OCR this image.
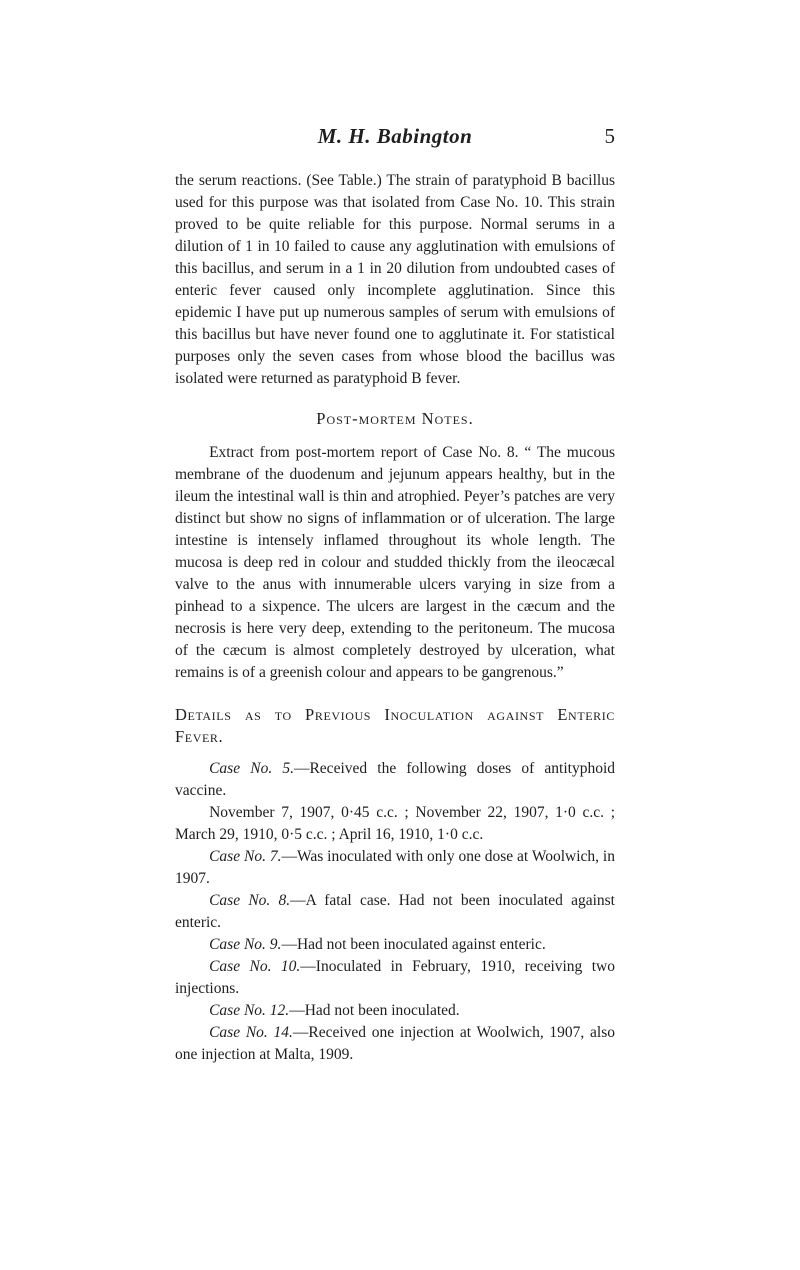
M. H. Babington	5

the serum reactions. (See Table.) The strain of paratyphoid B bacillus used for this purpose was that isolated from Case No. 10. This strain proved to be quite reliable for this purpose. Normal serums in a dilution of 1 in 10 failed to cause any agglutination with emulsions of this bacillus, and serum in a 1 in 20 dilution from undoubted cases of enteric fever caused only incomplete agglutination. Since this epidemic I have put up numerous samples of serum with emulsions of this bacillus but have never found one to agglutinate it. For statistical purposes only the seven cases from whose blood the bacillus was isolated were returned as paratyphoid B fever.

Post-mortem Notes.

Extract from post-mortem report of Case No. 8. “ The mucous membrane of the duodenum and jejunum appears healthy, but in the ileum the intestinal wall is thin and atrophied. Peyer’s patches are very distinct but show no signs of inflammation or of ulceration. The large intestine is intensely inflamed throughout its whole length. The mucosa is deep red in colour and studded thickly from the ileocæcal valve to the anus with innumerable ulcers varying in size from a pinhead to a sixpence. The ulcers are largest in the cæcum and the necrosis is here very deep, extending to the peritoneum. The mucosa of the cæcum is almost completely destroyed by ulceration, what remains is of a greenish colour and appears to be gangrenous.”

Details as to Previous Inoculation against Enteric Fever.

Case No. 5.—Received the following doses of antityphoid vaccine.

November 7, 1907, 0·45 c.c. ; November 22, 1907, 1·0 c.c. ; March 29, 1910, 0·5 c.c. ; April 16, 1910, 1·0 c.c.

Case No. 7.—Was inoculated with only one dose at Woolwich, in 1907.

Case No. 8.—A fatal case. Had not been inoculated against enteric.

Case No. 9.—Had not been inoculated against enteric.

Case No. 10.—Inoculated in February, 1910, receiving two injections.

Case No. 12.—Had not been inoculated.

Case No. 14.—Received one injection at Woolwich, 1907, also one injection at Malta, 1909.
